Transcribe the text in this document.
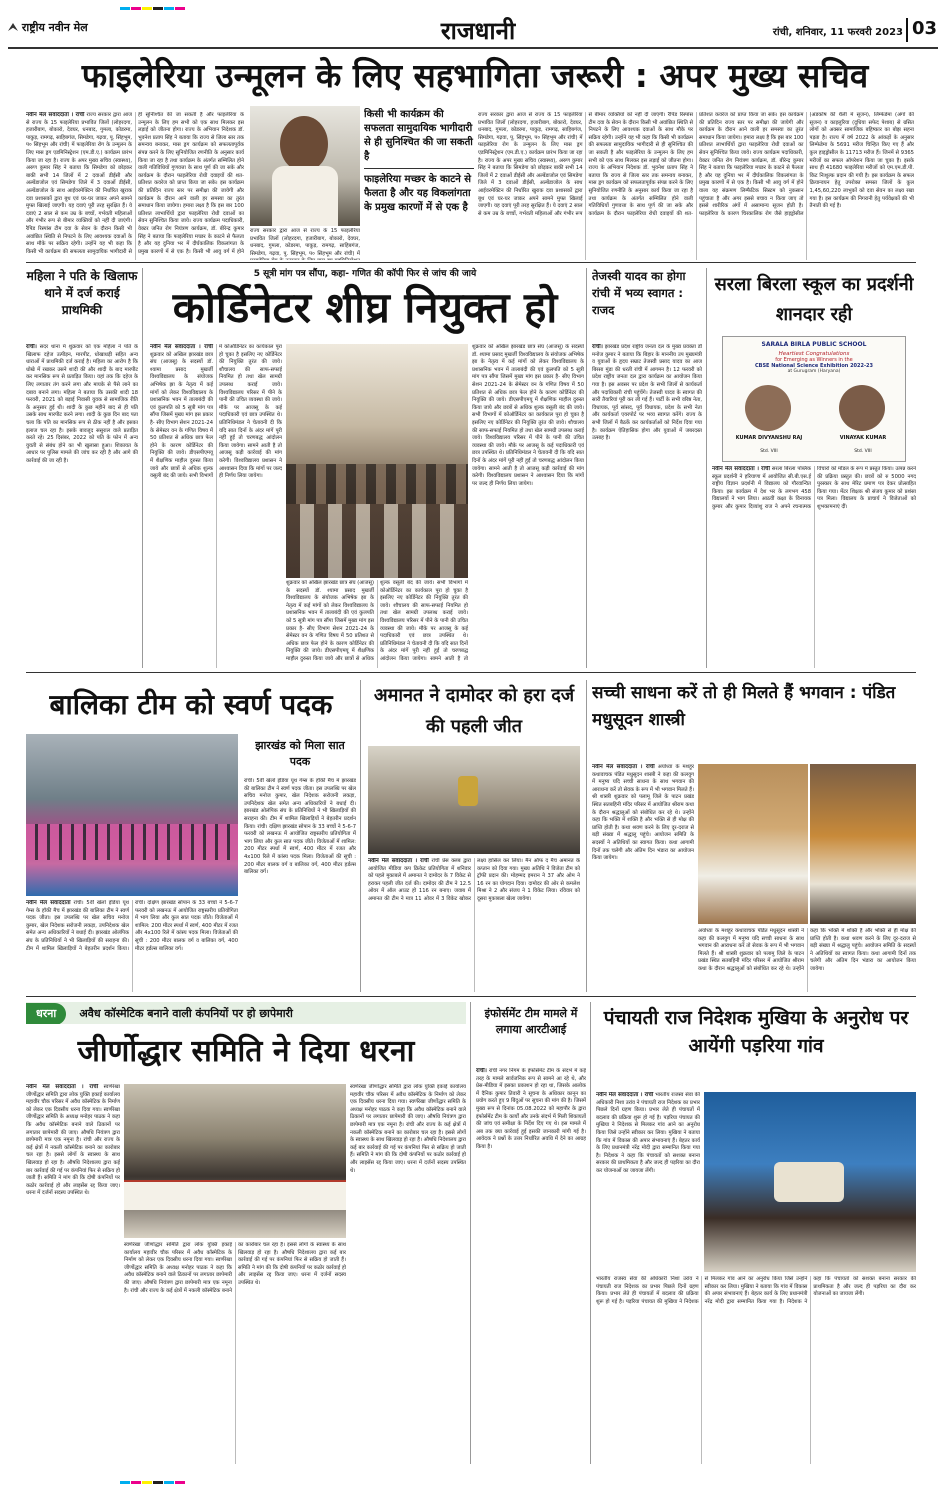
राष्ट्रीय नवीन मेल	राजधानी	रांची, शनिवार, 11 फरवरी 2023 03
फाइलेरिया उन्मूलन के लिए सहभागिता जरूरी : अपर मुख्य सचिव
नवीन मेल संवाददाता । रांची राज्य सरकार द्वारा आज से राज्य के 15 फाइलेरिया प्रभावित जिलों (लोहरदगा, हजारीबाग, बोकारो, देवघर, धनबाद, गुमला, कोडरमा, पाकुड़, रामगढ़, साहिबगंज, सिमडेगा, गढ़वा, पू. सिंहभूम, प० सिंहभूम और रांची) में फाइलेरिया रोग के उन्मूलन के लिए मास ड्रग एडमिनिस्ट्रेशन (एम.डी.ए.) कार्यक्रम प्रारंभ किया जा रहा है। राज्य के अपर मुख्य सचिव (स्वास्थ्य), अरुण कुमार सिंह ने बताया कि सिमडेगा को छोड़कर बाकी सभी 14 जिलों में 2 दवाओं डीईसी और अल्बेंडाजोल एवं सिमडेगा जिले में 3 दवाओं डीईसी, अल्बेंडाजोल के साथ आईवरमेक्टिन की निर्धारित खुराक दवा प्रशासकों द्वारा बूथ एवं घर-घर जाकर अपने सामने मुफ्त खिलाई जाएगी। यह दवाएं पूरी तरह सुरक्षित हैं। ये दवाएं 2 साल से कम उम्र के बच्चों, गर्भवती महिलाओं और गंभीर रूप से बीमार व्यक्तियों को नहीं दी जाएंगी। रैपिड रिस्पांस टीम दवा के सेवन के दौरान किसी भी अवांछित स्थिति से निपटने के लिए आवश्यक दवाओं के साथ मौके पर सक्रिय रहेगी। उन्होंने यह भी कहा कि किसी भी कार्यक्रम की सफलता सामुदायिक भागीदारी से ही सुनिश्चित की जा सकती है और फाइलेरिया के उन्मूलन के लिए हम सभी को एक साथ मिलकर इस लड़ाई को जीतना होगा। राज्य के अभियान निदेशक डॉ. भुवनेश प्रताप सिंह ने बताया कि राज्य से जिला स्तर तक समन्वय बनाकर, मास ड्रग कार्यक्रम को सफलतापूर्वक संपन्न करने के लिए सुनियोजित रणनीति के अनुसार कार्य किया जा रहा है तथा कार्यक्रम के अंतर्गत सम्मिलित होने वाली गतिविधियों गुणवत्ता के साथ पूर्ण की जा सके और कार्यक्रम के दौरान फाइलेरिया रोधी दवाइयों की शत-प्रतिशत कवरेज को प्राप्त किया जा सके। इस कार्यक्रम की प्रतिदिन राज्य स्तर पर समीक्षा की जायेगी और कार्यक्रम के दौरान आने वाली हर समस्या का तुरंत समाधान किया जायेगा। हमारा लक्ष्य है कि इस बार 100 प्रतिशत लाभार्थियों द्वारा फाइलेरिया रोधी दवाओं का सेवन सुनिश्चित किया जाये। राज्य कार्यक्रम पदाधिकारी, वेक्टर जनित रोग नियंत्रण कार्यक्रम, डॉ. बीरेन्द्र कुमार सिंह ने बताया कि फाइलेरिया मच्छर के काटने से फैलता है और यह दुनिया भर में दीर्घकालिक विकलांगता के प्रमुख कारणों में से एक है। किसी भी आयु वर्ग में होने
राज्य सरकार द्वारा आज से राज्य के 15 फाइलेरिया प्रभावित जिलों (लोहरदगा, हजारीबाग, बोकारो, देवघर, धनबाद, गुमला, कोडरमा, पाकुड़, रामगढ़, साहिबगंज, सिमडेगा, गढ़वा, पू. सिंहभूम, प० सिंहभूम और रांची) में
किसी भी कार्यक्रम की सफलता सामुदायिक भागीदारी से ही सुनिश्चित की जा सकती है
फाइलेरिया मच्छर के काटने से फैलता है और यह विकलांगता के प्रमुख कारणों में से एक है
राज्य सरकार द्वारा आज से राज्य के 15 फाइलेरिया प्रभावित जिलों (लोहरदगा, हजारीबाग, बोकारो, देवघर, धनबाद, गुमला, कोडरमा, पाकुड़, रामगढ़, साहिबगंज, सिमडेगा, गढ़वा, पू. सिंहभूम, प० सिंहभूम और रांची) में फाइलेरिया रोग के उन्मूलन के लिए मास ड्रग एडमिनिस्ट्रेशन (एम.डी.ए.) कार्यक्रम प्रारंभ किया जा रहा है। राज्य के अपर मुख्य सचिव (स्वास्थ्य), अरुण कुमार सिंह ने बताया कि सिमडेगा को छोड़कर बाकी सभी 14 जिलों में 2 दवाओं डीईसी और अल्बेंडाजोल एवं सिमडेगा जिले में 3 दवाओं डीईसी, अल्बेंडाजोल के साथ आईवरमेक्टिन की निर्धारित खुराक दवा प्रशासकों द्वारा बूथ एवं घर-घर जाकर अपने सामने मुफ्त खिलाई जाएगी। यह दवाएं पूरी तरह सुरक्षित हैं। ये दवाएं 2 साल से कम उम्र के बच्चों, गर्भवती महिलाओं और गंभीर रूप से बीमार व्यक्तियों को नहीं दी जाएंगी। रैपिड रिस्पांस टीम दवा के सेवन के दौरान किसी भी अवांछित स्थिति से निपटने के लिए आवश्यक दवाओं के साथ मौके पर सक्रिय रहेगी। उन्होंने यह भी कहा कि किसी भी कार्यक्रम की सफलता सामुदायिक भागीदारी से ही सुनिश्चित की जा सकती है और फाइलेरिया के उन्मूलन के लिए हम सभी को एक साथ मिलकर इस लड़ाई को जीतना होगा। राज्य के अभियान निदेशक डॉ. भुवनेश प्रताप सिंह ने बताया कि राज्य से जिला स्तर तक समन्वय बनाकर, मास ड्रग कार्यक्रम को सफलतापूर्वक संपन्न करने के लिए सुनियोजित रणनीति के अनुसार कार्य किया जा रहा है तथा कार्यक्रम के अंतर्गत सम्मिलित होने वाली गतिविधियों गुणवत्ता के साथ पूर्ण की जा सके और कार्यक्रम के दौरान फाइलेरिया रोधी दवाइयों की शत-प्रतिशत कवरेज को प्राप्त किया जा सके। इस कार्यक्रम की प्रतिदिन राज्य स्तर पर समीक्षा की जायेगी और कार्यक्रम के दौरान आने वाली हर समस्या का तुरंत समाधान किया जायेगा। हमारा लक्ष्य है कि इस बार 100 प्रतिशत लाभार्थियों द्वारा फाइलेरिया रोधी दवाओं का सेवन सुनिश्चित किया जाये। राज्य कार्यक्रम पदाधिकारी, वेक्टर जनित रोग नियंत्रण कार्यक्रम, डॉ. बीरेन्द्र कुमार सिंह ने बताया कि फाइलेरिया मच्छर के काटने से फैलता है और यह दुनिया भर में दीर्घकालिक विकलांगता के प्रमुख कारणों में से एक है। किसी भी आयु वर्ग में होने वाला यह संक्रमण लिम्फैटिक सिस्टम को नुकसान पहुंचाता है और अगर इससे बचाव न किया जाए तो इससे शारीरिक अंगों में असामान्य सूजन होती है। फाइलेरिया के कारण चिरकालिक रोग जैसे हाइड्रोसील (अंडकोष की थैली में सूजन), लिम्फेडेमा (अंगों की सूजन) व काइलुरिया (दूधिया सफेद पेशाब) से ग्रसित लोगों को अक्सर सामाजिक बहिष्कार का बोझ सहना पड़ता है। राज्य में वर्ष 2022 के आंकड़ों के अनुसार लिम्फेडेमा के 5691 मरीज चिन्हित किए गए हैं और कुल हाइड्रोसील के 11713 मरीज हैं। जिनमें से 9365 मरीजों का सफल ऑपरेशन किया जा चुका है। इसके साथ ही 41680 फाइलेरिया मरीजों को एम.एम.डी.पी. किट निःशुल्क प्रदान की गयी है। इस कार्यक्रम के सफल क्रियान्वयन हेतु उपरोक्त समस्त जिलों के कुल 1,45,60,220 लाभुकों को दवा सेवन का लक्ष्य रखा गया है। इस कार्यक्रम की निगरानी हेतु पर्यवेक्षकों की भी तैनाती की गई है।
महिला ने पति के खिलाफ थाने में दर्ज कराई प्राथमिकी
रांची। सदर थाना में शुक्रवार को एक महिला ने पति के खिलाफ दहेज उत्पीड़न, मारपीट, धोखाधड़ी सहित अन्य धाराओं में प्राथमिकी दर्ज कराई है। महिला का आरोप है कि धोखे में रखकर उसने शादी की और शादी के बाद मारपीट कर मानसिक रूप से प्रताड़ित किया। यहां तक कि दहेज के लिए लगातार तंग करने लगा और मायके से पैसे लाने का दबाव बनाने लगा। महिला ने बताया कि उसकी शादी 18 फरवरी, 2021 को बड़ाई निवासी युवक से सामाजिक रीति के अनुसार हुई थी। शादी के कुछ महीने बाद से ही पति उसके साथ मारपीट करने लगा। शादी के कुछ दिन बाद पता चला कि पति का मानसिक रूप से ठीक नहीं है और इसका इलाज चल रहा है। इसके बावजूद ससुराल वाले प्रताड़ित करते रहे। 25 दिसंबर, 2022 को पति के फोन में अन्य युवती से संबंध होने का भी खुलासा हुआ। शिकायत के आधार पर पुलिस मामले की जांच कर रही है और आगे की कार्रवाई की जा रही है।
5 सूत्री मांग पत्र सौंपा, कहा- गणित की कॉपी फिर से जांच की जाये
कोर्डिनेटर शीघ्र नियुक्त हो
नवीन मेल संवाददाता । रांची शुक्रवार को अखिल झारखंड छात्र संघ (आजसू) के सदस्यों डॉ. श्यामा प्रसाद मुखर्जी विश्वविद्यालय के संयोजक अभिषेक झा के नेतृत्व में कई मांगों को लेकर विश्वविद्यालय के प्रशासनिक भवन में तालाबंदी की एवं कुलपति को 5 सूत्री मांग पत्र सौंपा जिसमें मुख्य मांग इस प्रकार है- सीए विभाग सेशन 2021-24 के सेमेस्टर वन के गणित विषय में 50 प्रतिशत से अधिक छात्र फेल होने के कारण कोर्डिनेटर की नियुक्ति की जाये। डीएसपीएमयू में शैक्षणिक माहौल दुरुस्त किया जाये और छात्रों से अधिक शुल्क वसूली बंद की जाये। सभी विभागों में कोऑर्डिनेटर का कार्यकाल पूरा हो चुका है इसलिए नए कोर्डिनेटर की नियुक्ति तुरंत की जाये। शौचालय की साफ-सफाई नियमित हो तथा खेल सामग्री उपलब्ध कराई जाये। विश्वविद्यालय परिसर में पीने के पानी की उचित व्यवस्था की जाये। मौके पर आजसू के कई पदाधिकारी एवं छात्र उपस्थित थे। प्रतिनिधिमंडल ने चेतावनी दी कि यदि सात दिनों के अंदर मांगें पूरी नहीं हुईं तो चरणबद्ध आंदोलन किया जायेगा। सामने आती है तो आजसू कड़ी कार्रवाई की मांग करेगी। विश्वविद्यालय प्रशासन ने आश्वासन दिया कि मांगों पर जल्द ही निर्णय लिया जायेगा।
शुक्रवार को अखिल झारखंड छात्र संघ (आजसू) के सदस्यों डॉ. श्यामा प्रसाद मुखर्जी विश्वविद्यालय के संयोजक अभिषेक झा के नेतृत्व में कई मांगों को लेकर विश्वविद्यालय के प्रशासनिक भवन में तालाबंदी की एवं कुलपति को 5 सूत्री मांग पत्र सौंपा जिसमें मुख्य मांग इस प्रकार है- सीए विभाग सेशन 2021-24 के सेमेस्टर वन के गणित विषय में 50 प्रतिशत से अधिक छात्र फेल होने के कारण कोर्डिनेटर की नियुक्ति की जाये। डीएसपीएमयू में शैक्षणिक माहौल दुरुस्त किया जाये और छात्रों से अधिक शुल्क वसूली बंद की जाये। सभी विभागों में कोऑर्डिनेटर का कार्यकाल पूरा हो चुका है इसलिए नए कोर्डिनेटर की नियुक्ति तुरंत की जाये। शौचालय की साफ-सफाई नियमित हो तथा खेल सामग्री उपलब्ध कराई जाये। विश्वविद्यालय परिसर में पीने के पानी की उचित व्यवस्था की जाये। मौके पर आजसू के कई पदाधिकारी एवं छात्र उपस्थित थे। प्रतिनिधिमंडल ने चेतावनी दी कि यदि सात दिनों के अंदर मांगें पूरी नहीं हुईं तो चरणबद्ध आंदोलन किया जायेगा। सामने आती है तो
शुक्रवार को अखिल झारखंड छात्र संघ (आजसू) के सदस्यों डॉ. श्यामा प्रसाद मुखर्जी विश्वविद्यालय के संयोजक अभिषेक झा के नेतृत्व में कई मांगों को लेकर विश्वविद्यालय के प्रशासनिक भवन में तालाबंदी की एवं कुलपति को 5 सूत्री मांग पत्र सौंपा जिसमें मुख्य मांग इस प्रकार है- सीए विभाग सेशन 2021-24 के सेमेस्टर वन के गणित विषय में 50 प्रतिशत से अधिक छात्र फेल होने के कारण कोर्डिनेटर की नियुक्ति की जाये। डीएसपीएमयू में शैक्षणिक माहौल दुरुस्त किया जाये और छात्रों से अधिक शुल्क वसूली बंद की जाये। सभी विभागों में कोऑर्डिनेटर का कार्यकाल पूरा हो चुका है इसलिए नए कोर्डिनेटर की नियुक्ति तुरंत की जाये। शौचालय की साफ-सफाई नियमित हो तथा खेल सामग्री उपलब्ध कराई जाये। विश्वविद्यालय परिसर में पीने के पानी की उचित व्यवस्था की जाये। मौके पर आजसू के कई पदाधिकारी एवं छात्र उपस्थित थे। प्रतिनिधिमंडल ने चेतावनी दी कि यदि सात दिनों के अंदर मांगें पूरी नहीं हुईं तो चरणबद्ध आंदोलन किया जायेगा। सामने आती है तो आजसू कड़ी कार्रवाई की मांग करेगी। विश्वविद्यालय प्रशासन ने आश्वासन दिया कि मांगों पर जल्द ही निर्णय लिया जायेगा।
तेजस्वी यादव का होगा रांची में भव्य स्वागत : राजद
रांची। झारखंड प्रदेश राष्ट्रीय जनता दल के मुख्य प्रवक्ता डॉ मनोज कुमार ने बताया कि बिहार के माननीय उप मुख्यमंत्री व युवाओं के हृदय सम्राट तेजस्वी प्रसाद यादव का आज बिरसा मुंडा की धरती रांची में आगमन है। 12 फरवरी को प्रदेश राष्ट्रीय जनता दल द्वारा कार्यक्रम का आयोजन किया गया है। इस अवसर पर प्रदेश के सभी जिलों से कार्यकर्ता और पदाधिकारी रांची पहुंचेंगे। तेजस्वी यादव के स्वागत की सारी तैयारियां पूरी कर ली गई हैं। पार्टी के सभी वरिष्ठ नेता, विधायक, पूर्व सांसद, पूर्व विधायक, प्रदेश के सभी नेता और कार्यकर्ता एयरपोर्ट पर भव्य स्वागत करेंगे। राज्य के सभी जिलों में बैठकें कर कार्यकर्ताओं को निर्देश दिया गया है। कार्यक्रम ऐतिहासिक होगा और युवाओं में जबरदस्त उत्साह है।
सरला बिरला स्कूल का प्रदर्शनी शानदार रही
SARALA BIRLA PUBLIC SCHOOL
Heartiest Congratulations
for Emerging as Winners in the
CBSE National Science Exhibition 2022-23
at Gurugram (Haryana)
KUMAR DIVYANSHU RAJ
Std. VIII
VINAYAK KUMAR
Std. VIII
नवीन मेल संवाददाता । रांची सरला बिरला पब्लिक स्कूल प्रदर्शनी ने हरियाणा में आयोजित सी.बी.एस.ई राष्ट्रीय विज्ञान प्रदर्शनी में विद्यालय को गौरवान्वित किया। इस कार्यक्रम में देश भर के लगभग 458 विद्यालयों ने भाग लिया। आठवीं कक्षा के विनायक कुमार और कुमार दिव्यांशु राज ने अपने रचनात्मक विचारों को मॉडल के रूप में प्रस्तुत किया। उत्पन्न करने की प्रक्रिया प्रस्तुत की। छात्रों को रु 5000 नगद पुरस्कार के साथ मेरिट प्रमाण पत्र देकर प्रोत्साहित किया गया। मेंटर शिक्षक श्री संजय कुमार को प्रशंसा पत्र मिला। विद्यालय के प्राचार्य ने विजेताओं को शुभकामनाएं दीं।
बालिका टीम को स्वर्ण पदक
झारखंड को मिला सात पदक
रांची। 5वीं खेलो इंडिया यूथ गेम्स के हॉकी मैच में झारखंड की बालिका टीम ने स्वर्ण पदक जीता। इस उपलब्धि पर खेल सचिव मनोज कुमार, खेल निदेशक सरोजनी लकड़ा, उपनिदेशक खेल समेत अन्य अधिकारियों ने बधाई दी। झारखंड ओलंपिक संघ के प्रतिनिधियों ने भी खिलाड़ियों की सराहना की। टीम में शामिल खिलाड़ियों ने बेहतरीन प्रदर्शन किया। रांची। दक्षिण झारखंड सोपान के 33 बच्चों ने 5-6-7 फरवरी को लखनऊ में आयोजित राष्ट्रस्तरीय प्रतियोगिता में भाग लिया और कुल सात पदक जीते। विजेताओं में शामिल: 200 मीटर स्पर्धा में स्वर्ण, 400 मीटर में रजत और 4x100 रिले में कांस्य पदक मिला। विजेताओं की सूची : 200 मीटर बालक वर्ग व बालिका वर्ग, 400 मीटर हर्डल्स बालिका वर्ग।
नवीन मेल संवाददाता रांची। 5वीं खेलो इंडिया यूथ गेम्स के हॉकी मैच में झारखंड की बालिका टीम ने स्वर्ण पदक जीता। इस उपलब्धि पर खेल सचिव मनोज कुमार, खेल निदेशक सरोजनी लकड़ा, उपनिदेशक खेल समेत अन्य अधिकारियों ने बधाई दी। झारखंड ओलंपिक संघ के प्रतिनिधियों ने भी खिलाड़ियों की सराहना की। टीम में शामिल खिलाड़ियों ने बेहतरीन प्रदर्शन किया। रांची। दक्षिण झारखंड सोपान के 33 बच्चों ने 5-6-7 फरवरी को लखनऊ में आयोजित राष्ट्रस्तरीय प्रतियोगिता में भाग लिया और कुल सात पदक जीते। विजेताओं में शामिल: 200 मीटर स्पर्धा में स्वर्ण, 400 मीटर में रजत और 4x100 रिले में कांस्य पदक मिला। विजेताओं की सूची : 200 मीटर बालक वर्ग व बालिका वर्ग, 400 मीटर हर्डल्स बालिका वर्ग।
अमानत ने दामोदर को हरा दर्ज की पहली जीत
नवीन मेल संवाददाता । रांची रांची प्रेस क्लब द्वारा आयोजित मीडिया कप क्रिकेट प्रतियोगिता में शनिवार को पहले मुकाबले में अमानत ने दामोदर के 7 विकेट से हराकर पहली जीत दर्ज की। दामोदर की टीम ने 12.5 ओवर में ऑल आउट हो 116 रन बनाए। जवाब में अमानत की टीम ने मात्र 11 ओवर में 3 विकेट खोकर लक्ष्य हासिल कर लिया। मैन ऑफ द मैच अमानत के कप्तान को दिया गया। मुख्य अतिथि ने विजेता टीम को ट्रॉफी प्रदान की। मोहम्मद इमरान ने 37 और ओम ने 16 रन का योगदान दिया। दामोदर की ओर से कमलेश मिश्रा ने 2 और संजय ने 1 विकेट लिया। रविवार को दूसरा मुकाबला खेला जायेगा।
सच्ची साधना करें तो ही मिलते हैं भगवान : पंडित मधुसूदन शास्त्री
नवीन मेल संवाददाता । रांची अयोध्या के मशहूर कथावाचक पंडित मधुसूदन शास्त्री ने कहा की कलयुग में मनुष्य यदि सच्ची साधना के साथ भगवान की आराधना करें तो सेवक के रूप में भी भगवान मिलते हैं। श्री शास्त्री शुक्रवार को पलामू जिले के पाटन प्रखंड स्थित सतबहिनी मंदिर परिसर में आयोजित श्रीराम कथा के दौरान श्रद्धालुओं को संबोधित कर रहे थे। उन्होंने कहा कि भक्ति में शक्ति है और भक्ति से ही मोक्ष की प्राप्ति होती है। कथा श्रवण करने के लिए दूर-दराज से बड़ी संख्या में श्रद्धालु पहुंचे। आयोजन समिति के सदस्यों ने अतिथियों का स्वागत किया। कथा आगामी दिनों तक चलेगी और अंतिम दिन भंडारा का आयोजन किया जायेगा।
अयोध्या के मशहूर कथावाचक पंडित मधुसूदन शास्त्री ने कहा की कलयुग में मनुष्य यदि सच्ची साधना के साथ भगवान की आराधना करें तो सेवक के रूप में भी भगवान मिलते हैं। श्री शास्त्री शुक्रवार को पलामू जिले के पाटन प्रखंड स्थित सतबहिनी मंदिर परिसर में आयोजित श्रीराम कथा के दौरान श्रद्धालुओं को संबोधित कर रहे थे। उन्होंने कहा कि भक्ति में शक्ति है और भक्ति से ही मोक्ष की प्राप्ति होती है। कथा श्रवण करने के लिए दूर-दराज से बड़ी संख्या में श्रद्धालु पहुंचे। आयोजन समिति के सदस्यों ने अतिथियों का स्वागत किया। कथा आगामी दिनों तक चलेगी और अंतिम दिन भंडारा का आयोजन किया जायेगा।
धरना अवैध कॉस्मेटिक बनाने वाली कंपनियों पर हो छापेमारी
जीर्णोद्धार समिति ने दिया धरना
नवीन मेल संवाददाता । रांची स्वर्णरेखा जीर्णोद्धार समिति द्वारा लोक युक्ति इकाई कार्यालय महावीर चौक परिसर में अवैध कॉस्मेटिक के निर्माण को लेकर एक दिवसीय धरना दिया गया। स्वर्णरेखा जीर्णोद्धार समिति के अध्यक्ष मनोहर पाठक ने कहा कि अवैध कॉस्मेटिक बनाने वाले ठिकानों पर लगातार छापेमारी की जाए। औषधि नियंत्रण द्वारा छापेमारी मात्र एक नमूना है। रांची और राज्य के कई क्षेत्रों में नकली कॉस्मेटिक बनाने का कारोबार चल रहा है। इससे लोगों के स्वास्थ्य के साथ खिलवाड़ हो रहा है। औषधि निदेशालय द्वारा कई बार कार्रवाई की गई पर कंपनियां फिर से सक्रिय हो जाती हैं। समिति ने मांग की कि दोषी कंपनियों पर कठोर कार्रवाई हो और लाइसेंस रद्द किया जाए। धरना में दर्जनों सदस्य उपस्थित थे।
स्वर्णरेखा जीर्णोद्धार समिति द्वारा लोक युक्ति इकाई कार्यालय महावीर चौक परिसर में अवैध कॉस्मेटिक के निर्माण को लेकर एक दिवसीय धरना दिया गया। स्वर्णरेखा जीर्णोद्धार समिति के अध्यक्ष मनोहर पाठक ने कहा कि अवैध कॉस्मेटिक बनाने वाले ठिकानों पर लगातार छापेमारी की जाए। औषधि नियंत्रण द्वारा छापेमारी मात्र एक नमूना है। रांची और राज्य के कई क्षेत्रों में नकली कॉस्मेटिक बनाने का कारोबार चल रहा है। इससे लोगों के स्वास्थ्य के साथ खिलवाड़ हो रहा है। औषधि निदेशालय द्वारा कई बार कार्रवाई की गई पर कंपनियां फिर से सक्रिय हो जाती हैं। समिति ने मांग की कि दोषी कंपनियों पर कठोर कार्रवाई हो और लाइसेंस रद्द किया जाए। धरना में दर्जनों सदस्य उपस्थित थे।
स्वर्णरेखा जीर्णोद्धार समिति द्वारा लोक युक्ति इकाई कार्यालय महावीर चौक परिसर में अवैध कॉस्मेटिक के निर्माण को लेकर एक दिवसीय धरना दिया गया। स्वर्णरेखा जीर्णोद्धार समिति के अध्यक्ष मनोहर पाठक ने कहा कि अवैध कॉस्मेटिक बनाने वाले ठिकानों पर लगातार छापेमारी की जाए। औषधि नियंत्रण द्वारा छापेमारी मात्र एक नमूना है। रांची और राज्य के कई क्षेत्रों में नकली कॉस्मेटिक बनाने का कारोबार चल रहा है। इससे लोगों के स्वास्थ्य के साथ खिलवाड़ हो रहा है। औषधि निदेशालय द्वारा कई बार कार्रवाई की गई पर कंपनियां फिर से सक्रिय हो जाती हैं। समिति ने मांग की कि दोषी कंपनियों पर कठोर कार्रवाई हो और लाइसेंस रद्द किया जाए। धरना में दर्जनों सदस्य उपस्थित थे।
इंफोर्समेंट टीम मामले में लगाया आरटीआई
रांची। रांची नगर निगम के इंफोर्समेंट टीम के संदर्भ में कई तरह के मामले सार्वजनिक रूप से सामने आ रहे थे, और प्रेस-मीडिया में इसका प्रकाशन हो रहा था, जिसके आलोक में दैनिक कुमार तिवारी ने सूचना के अधिकार कानून का प्रयोग करते हुए 9 बिंदुओं पर सूचना की मांग की है। जिसमें मुख्य रूप से दिनांक 05.08.2022 को महापौर के द्वारा इंफोर्समेंट टीम के कार्यों और उनके संदर्भ में मिली शिकायतों की जांच एवं समीक्षा के निर्देश दिए गए थे। इस मामले में अब तक क्या कार्रवाई हुई इसकी जानकारी मांगी गई है। आवेदक ने प्रश्नों के उत्तर निर्धारित अवधि में देने का आग्रह किया है।
पंचायती राज निदेशक मुखिया के अनुरोध पर आयेंगी पड़रिया गांव
नवीन मेल संवाददाता । रांची भारतीय राजस्व सेवा की अधिकारी निशा उरांव ने पंचायती राज निदेशक का प्रभार पिछले दिनों ग्रहण किया। प्रभार लेते ही पंचायतों में बदलाव की प्रक्रिया शुरू हो गई है। पड़रिया पंचायत की मुखिया ने निदेशक से मिलकर गांव आने का अनुरोध किया जिसे उन्होंने स्वीकार कर लिया। मुखिया ने बताया कि गांव में विकास की अपार संभावनाएं हैं। बेहतर कार्य के लिए प्रधानमंत्री नरेंद्र मोदी द्वारा सम्मानित किया गया है। निदेशक ने कहा कि पंचायतों को सशक्त बनाना सरकार की प्राथमिकता है और जल्द ही पड़रिया का दौरा कर योजनाओं का जायजा लेंगी।
भारतीय राजस्व सेवा की अधिकारी निशा उरांव ने पंचायती राज निदेशक का प्रभार पिछले दिनों ग्रहण किया। प्रभार लेते ही पंचायतों में बदलाव की प्रक्रिया शुरू हो गई है। पड़रिया पंचायत की मुखिया ने निदेशक से मिलकर गांव आने का अनुरोध किया जिसे उन्होंने स्वीकार कर लिया। मुखिया ने बताया कि गांव में विकास की अपार संभावनाएं हैं। बेहतर कार्य के लिए प्रधानमंत्री नरेंद्र मोदी द्वारा सम्मानित किया गया है। निदेशक ने कहा कि पंचायतों को सशक्त बनाना सरकार की प्राथमिकता है और जल्द ही पड़रिया का दौरा कर योजनाओं का जायजा लेंगी।
